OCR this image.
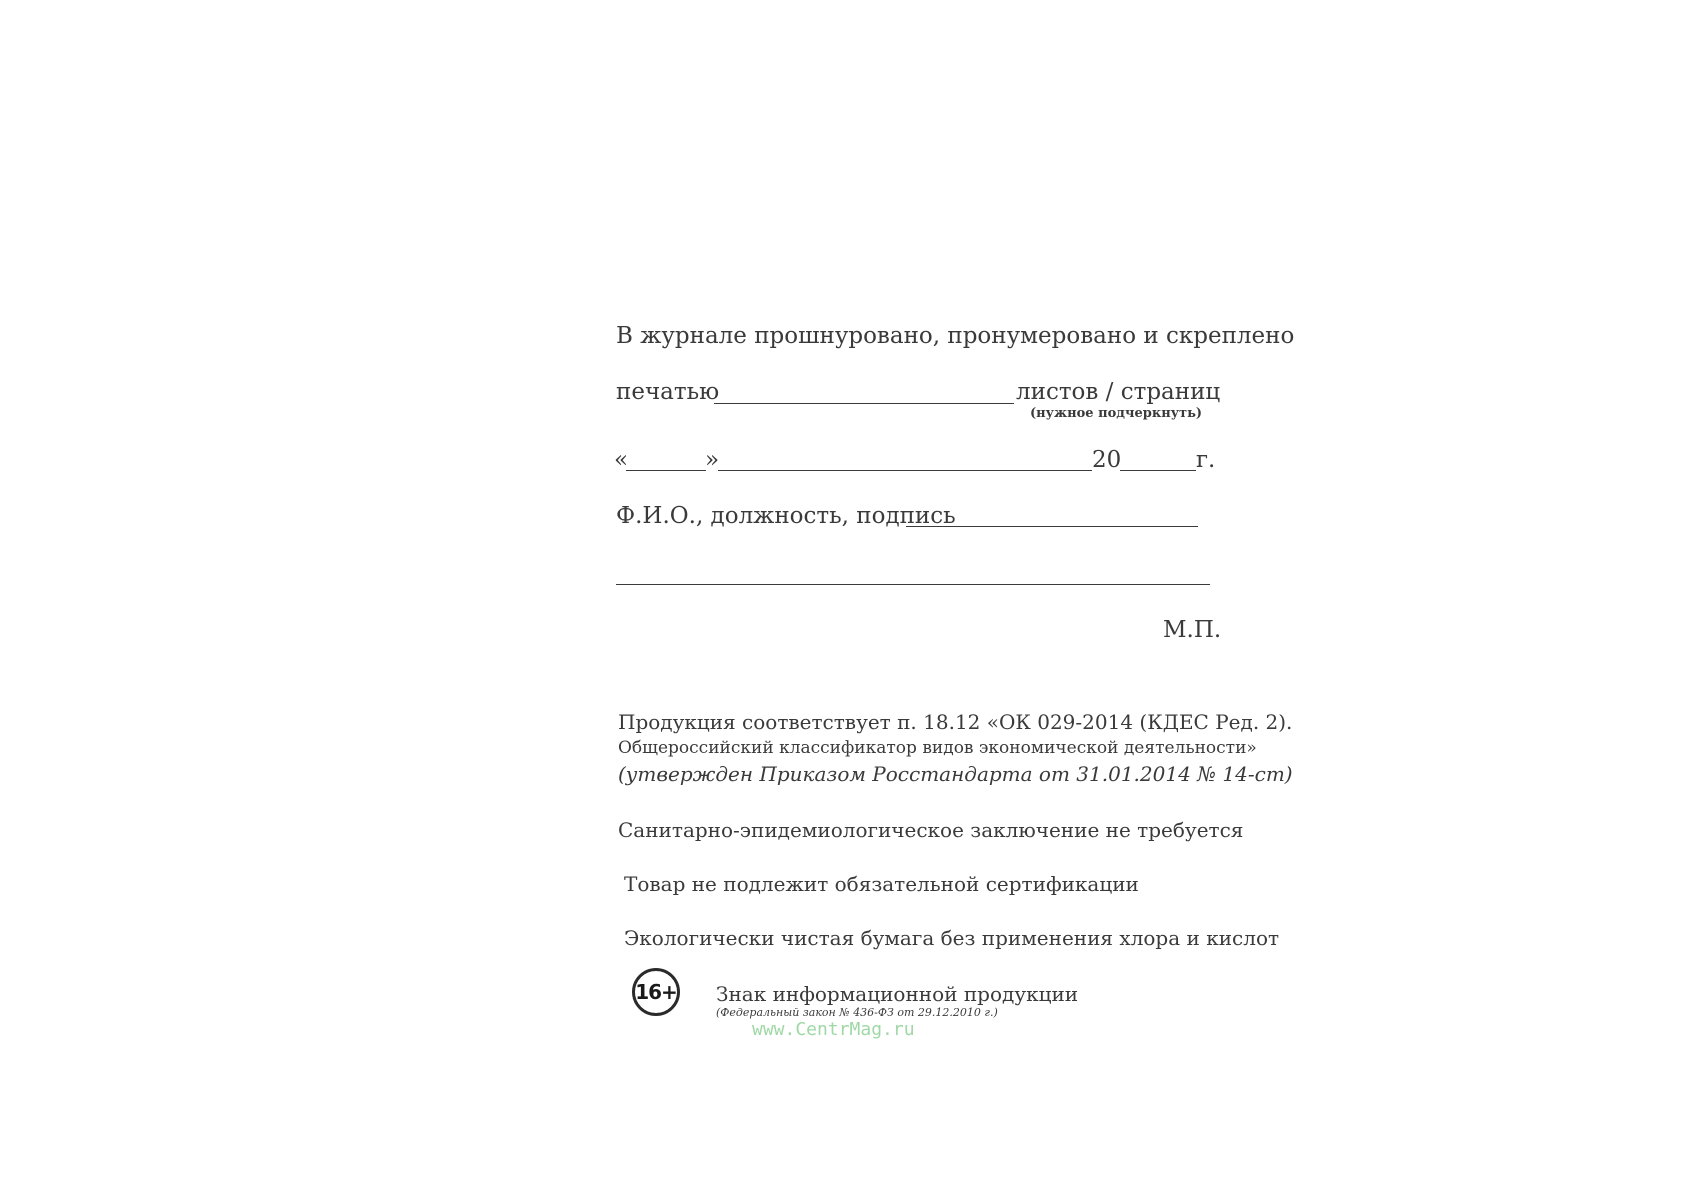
В журнале прошнуровано, пронумеровано и скреплено
печатью	листов / страниц
(нужное подчеркнуть)
«	»	20	г.
Ф.И.О., должность, подпись
М.П.
Продукция соответствует п. 18.12 «ОК 029-2014 (КДЕС Ред. 2).
Общероссийский классификатор видов экономической деятельности»
(утвержден Приказом Росстандарта от 31.01.2014 № 14-ст)
Санитарно-эпидемиологическое заключение не требуется
Товар не подлежит обязательной сертификации
Экологически чистая бумага без применения хлора и кислот
16+ Знак информационной продукции
(Федеральный закон № 436-ФЗ от 29.12.2010 г.)
www.CentrMag.ru
